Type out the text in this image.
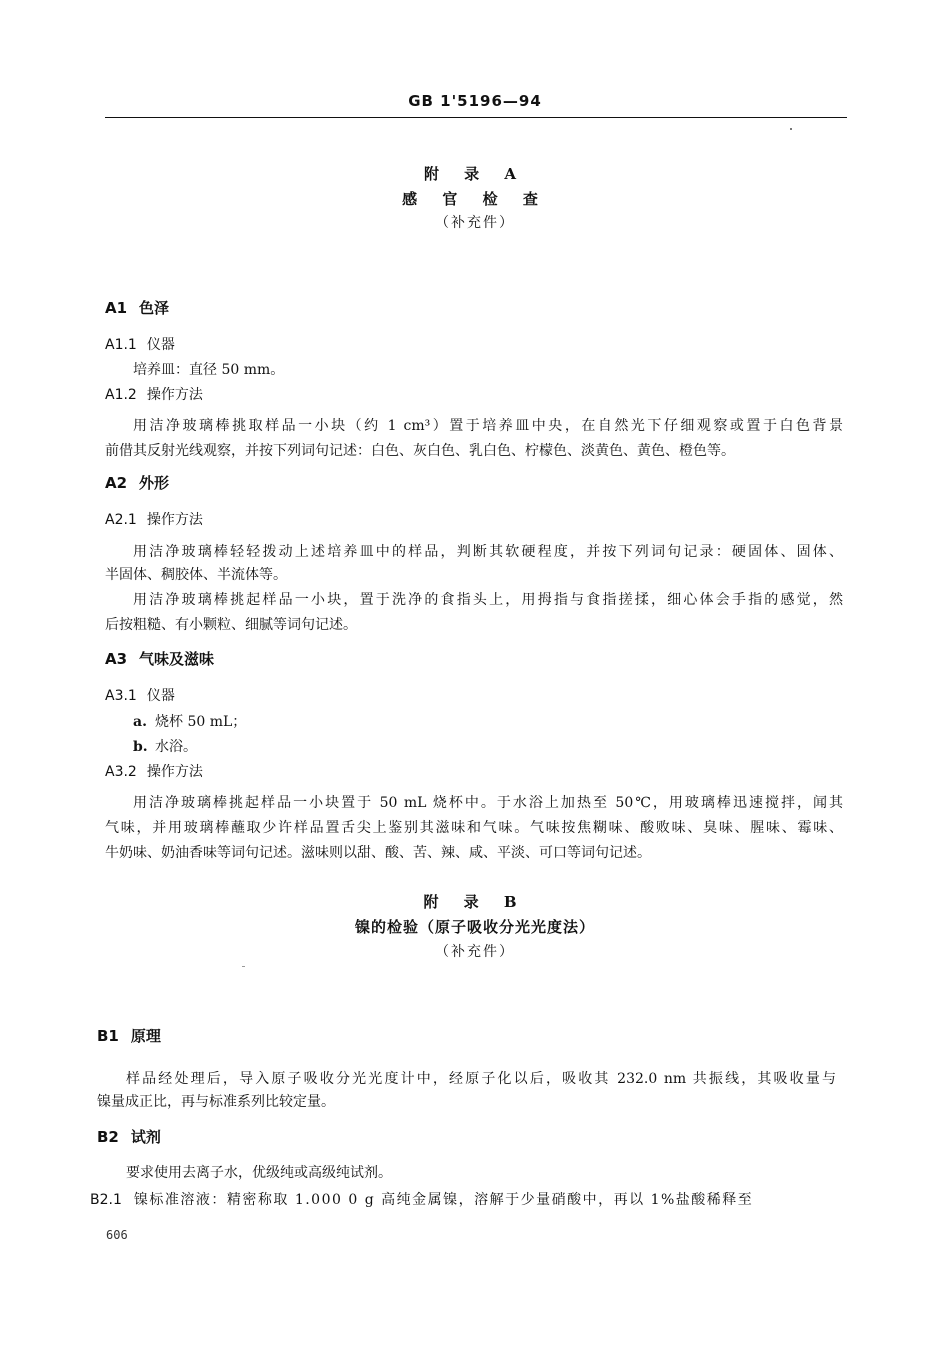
GB 1'5196—94
附 录 A
感 官 检 查
（补充件）
A1 色泽
A1.1 仪器
培养皿：直径 50 mm。
A1.2 操作方法
用洁净玻璃棒挑取样品一小块（约 1 cm³）置于培养皿中央，在自然光下仔细观察或置于白色背景
前借其反射光线观察，并按下列词句记述：白色、灰白色、乳白色、柠檬色、淡黄色、黄色、橙色等。
A2 外形
A2.1 操作方法
用洁净玻璃棒轻轻拨动上述培养皿中的样品，判断其软硬程度，并按下列词句记录：硬固体、固体、
半固体、稠胶体、半流体等。
用洁净玻璃棒挑起样品一小块，置于洗净的食指头上，用拇指与食指搓揉，细心体会手指的感觉，然
后按粗糙、有小颗粒、细腻等词句记述。
A3 气味及滋味
A3.1 仪器
a. 烧杯 50 mL；
b. 水浴。
A3.2 操作方法
用洁净玻璃棒挑起样品一小块置于 50 mL 烧杯中。于水浴上加热至 50℃，用玻璃棒迅速搅拌，闻其
气味，并用玻璃棒蘸取少许样品置舌尖上鉴别其滋味和气味。气味按焦糊味、酸败味、臭味、腥味、霉味、
牛奶味、奶油香味等词句记述。滋味则以甜、酸、苦、辣、咸、平淡、可口等词句记述。
附 录 B
镍的检验（原子吸收分光光度法）
（补充件）
B1 原理
样品经处理后，导入原子吸收分光光度计中，经原子化以后，吸收其 232.0 nm 共振线，其吸收量与
镍量成正比，再与标准系列比较定量。
B2 试剂
要求使用去离子水，优级纯或高级纯试剂。
B2.1 镍标准溶液：精密称取 1.000 0 g 高纯金属镍，溶解于少量硝酸中，再以 1%盐酸稀释至
606
